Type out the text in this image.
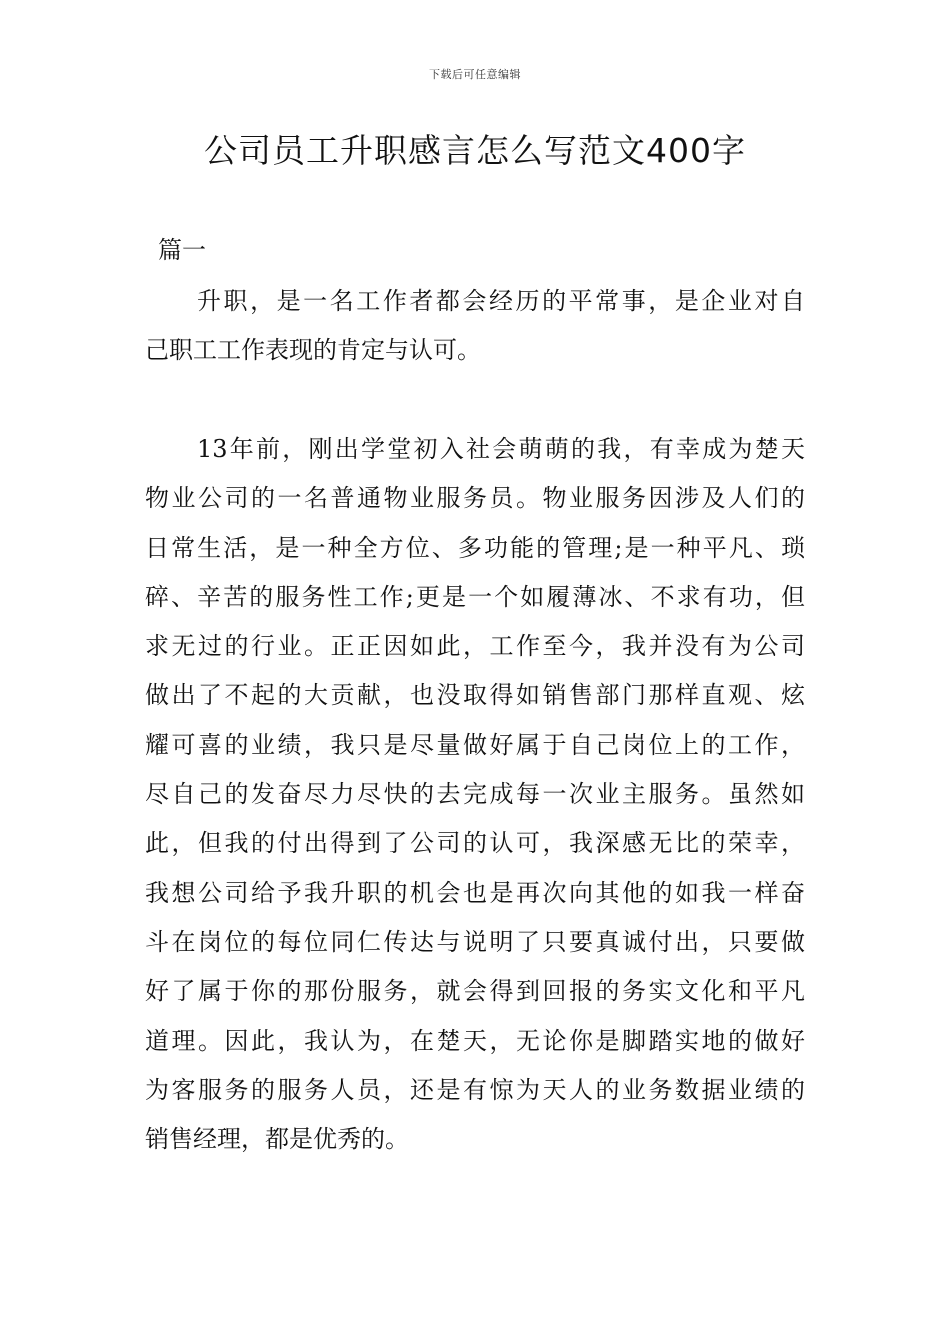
下载后可任意编辑
公司员工升职感言怎么写范文400字
篇一
升职，是一名工作者都会经历的平常事，是企业对自
己职工工作表现的肯定与认可。
13年前，刚出学堂初入社会萌萌的我，有幸成为楚天
物业公司的一名普通物业服务员。物业服务因涉及人们的
日常生活，是一种全方位、多功能的管理;是一种平凡、琐
碎、辛苦的服务性工作;更是一个如履薄冰、不求有功，但
求无过的行业。正正因如此，工作至今，我并没有为公司
做出了不起的大贡献，也没取得如销售部门那样直观、炫
耀可喜的业绩，我只是尽量做好属于自己岗位上的工作，
尽自己的发奋尽力尽快的去完成每一次业主服务。虽然如
此，但我的付出得到了公司的认可，我深感无比的荣幸，
我想公司给予我升职的机会也是再次向其他的如我一样奋
斗在岗位的每位同仁传达与说明了只要真诚付出，只要做
好了属于你的那份服务，就会得到回报的务实文化和平凡
道理。因此，我认为，在楚天，无论你是脚踏实地的做好
为客服务的服务人员，还是有惊为天人的业务数据业绩的
销售经理，都是优秀的。
